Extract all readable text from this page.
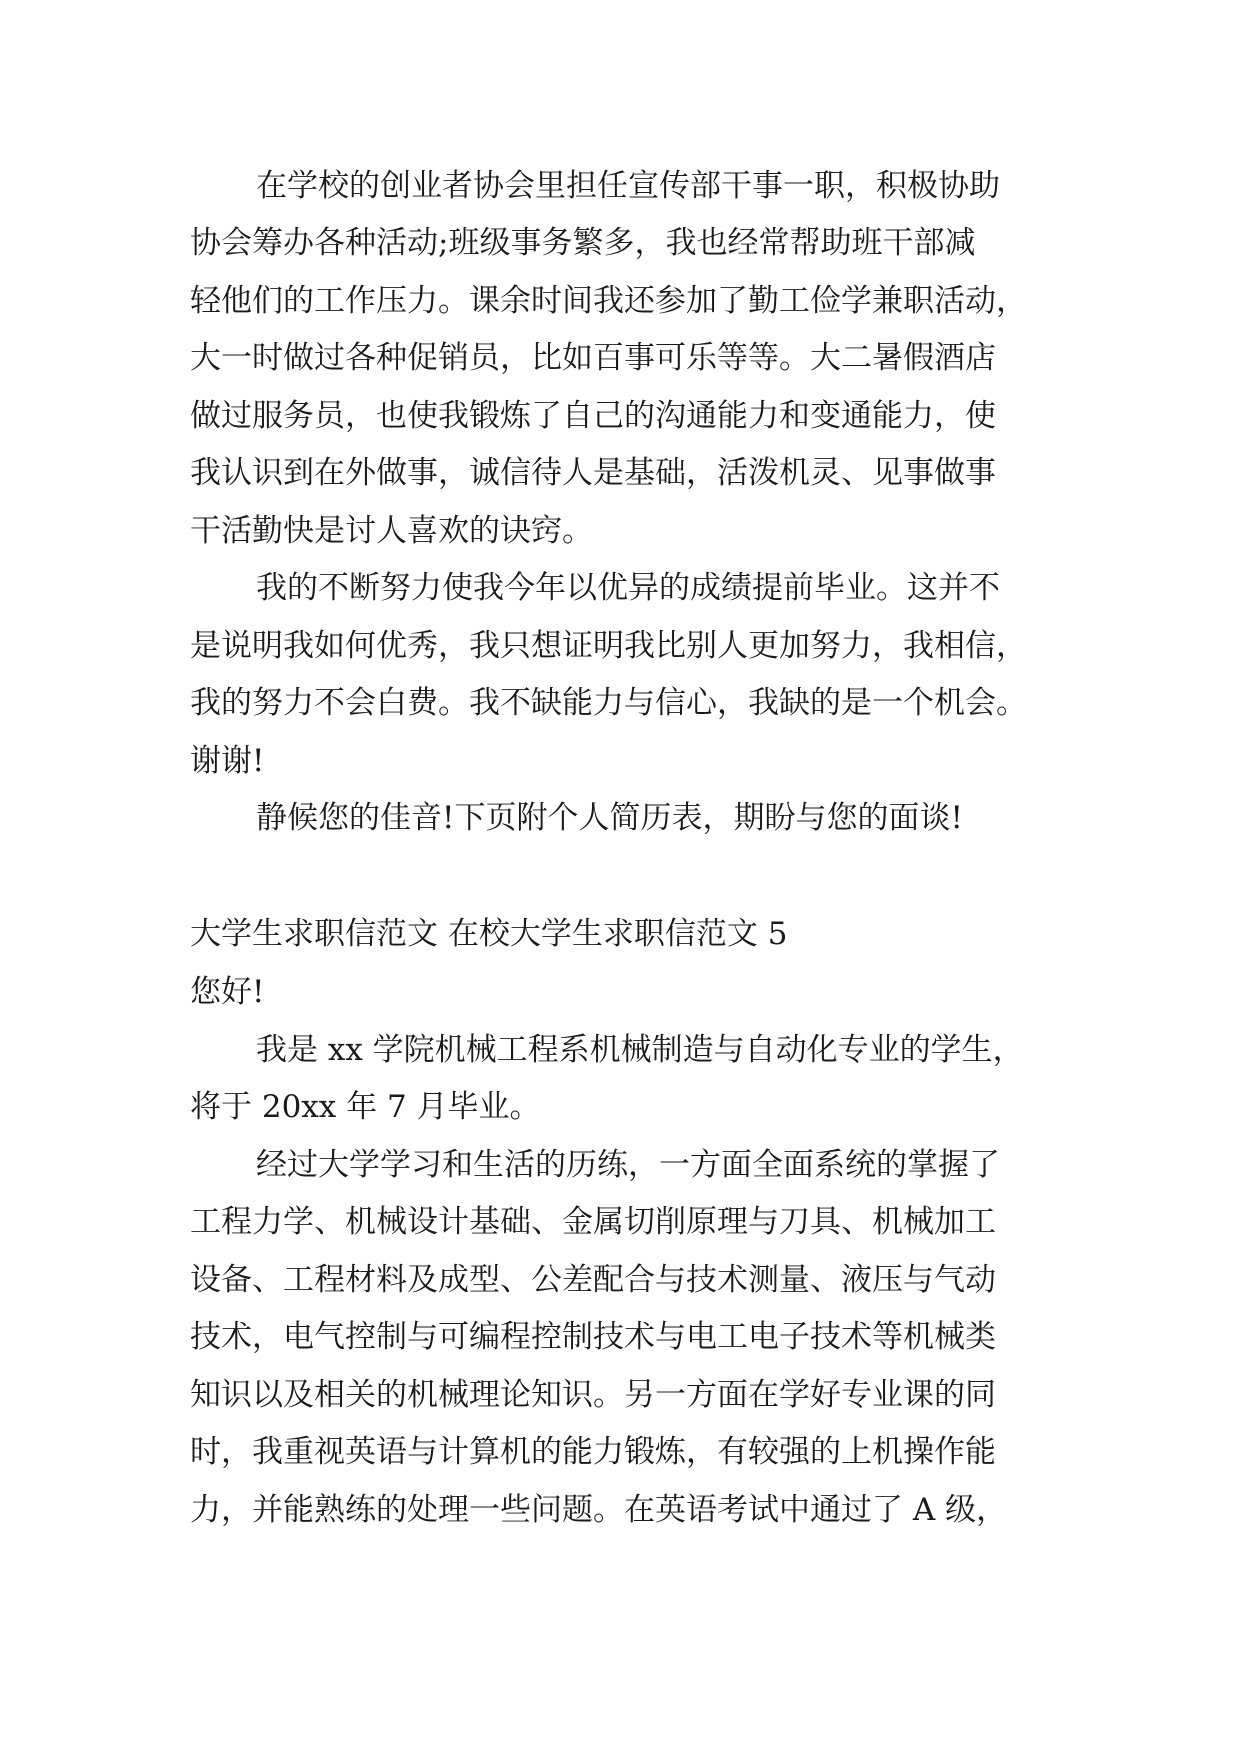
在学校的创业者协会里担任宣传部干事一职，积极协助
协会筹办各种活动;班级事务繁多，我也经常帮助班干部减
轻他们的工作压力。课余时间我还参加了勤工俭学兼职活动，
大一时做过各种促销员，比如百事可乐等等。大二暑假酒店
做过服务员，也使我锻炼了自己的沟通能力和变通能力，使
我认识到在外做事，诚信待人是基础，活泼机灵、见事做事
干活勤快是讨人喜欢的诀窍。
我的不断努力使我今年以优异的成绩提前毕业。这并不
是说明我如何优秀，我只想证明我比别人更加努力，我相信，
我的努力不会白费。我不缺能力与信心，我缺的是一个机会。
谢谢!
静候您的佳音!下页附个人简历表，期盼与您的面谈!
大学生求职信范文 在校大学生求职信范文 5
您好!
我是 xx 学院机械工程系机械制造与自动化专业的学生，
将于 20xx 年 7 月毕业。
经过大学学习和生活的历练，一方面全面系统的掌握了
工程力学、机械设计基础、金属切削原理与刀具、机械加工
设备、工程材料及成型、公差配合与技术测量、液压与气动
技术，电气控制与可编程控制技术与电工电子技术等机械类
知识以及相关的机械理论知识。另一方面在学好专业课的同
时，我重视英语与计算机的能力锻炼，有较强的上机操作能
力，并能熟练的处理一些问题。在英语考试中通过了 A 级，
